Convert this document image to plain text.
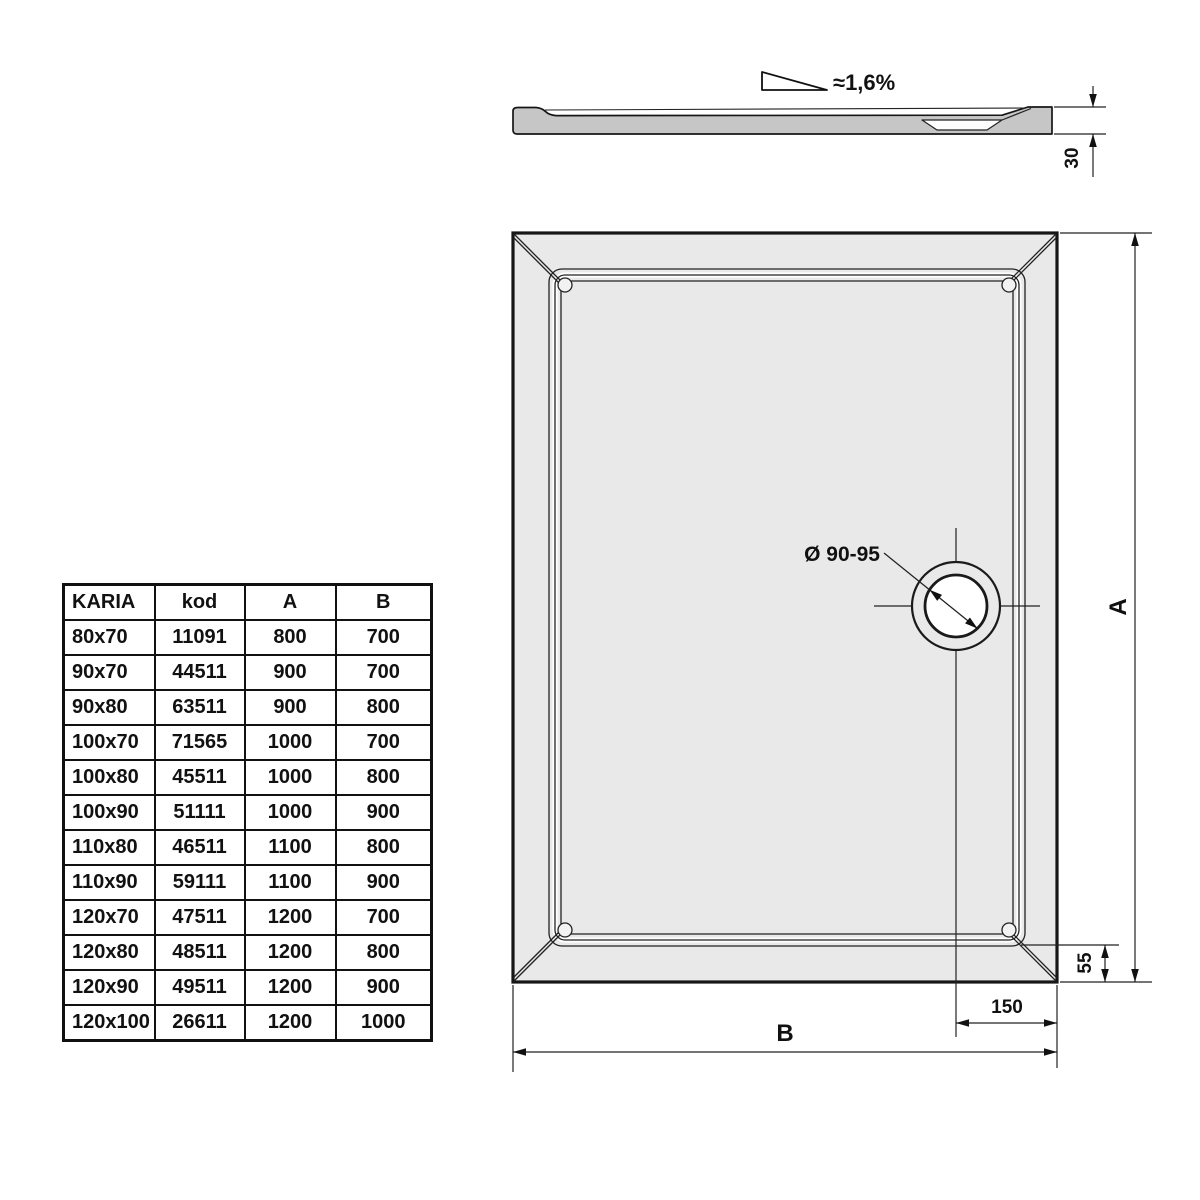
≈1,6%
30
Ø 90-95
A
55
150
B
KARIA	kod	A	B
80x70	11091	800	700
90x70	44511	900	700
90x80	63511	900	800
100x70	71565	1000	700
100x80	45511	1000	800
100x90	51111	1000	900
110x80	46511	1100	800
110x90	59111	1100	900
120x70	47511	1200	700
120x80	48511	1200	800
120x90	49511	1200	900
120x100	26611	1200	1000
